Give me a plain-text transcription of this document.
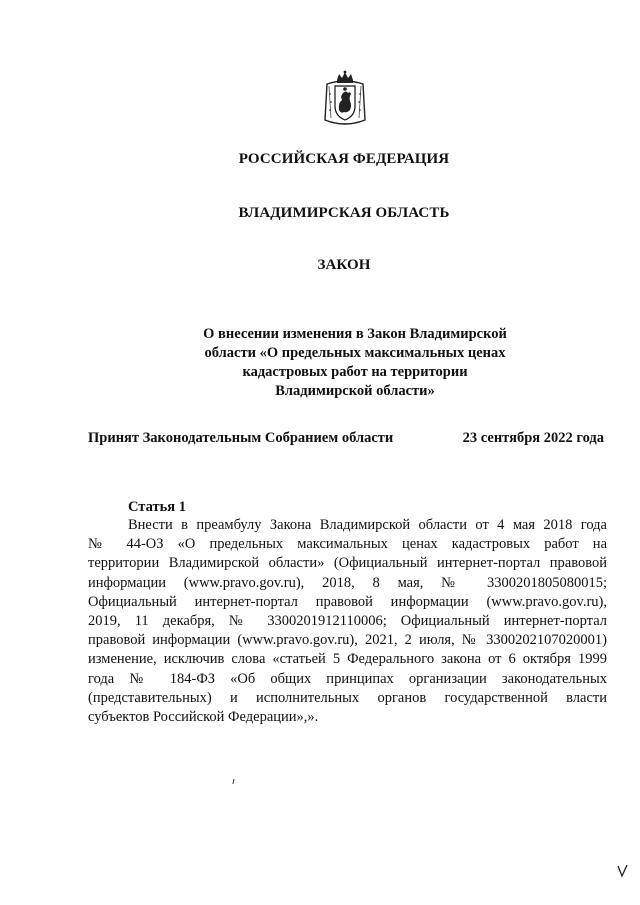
РОССИЙСКАЯ ФЕДЕРАЦИЯ
ВЛАДИМИРСКАЯ ОБЛАСТЬ
ЗАКОН
О внесении изменения в Закон Владимирской
области «О предельных максимальных ценах
кадастровых работ на территории
Владимирской области»
Принят Законодательным Собранием области	23 сентября 2022 года
Статья 1
Внести в преамбулу Закона Владимирской области от 4 мая 2018 года
№ 44-ОЗ «О предельных максимальных ценах кадастровых работ на
территории Владимирской области» (Официальный интернет-портал правовой
информации (www.pravo.gov.ru), 2018, 8 мая, № 3300201805080015;
Официальный интернет-портал правовой информации (www.pravo.gov.ru),
2019, 11 декабря, № 3300201912110006; Официальный интернет-портал
правовой информации (www.pravo.gov.ru), 2021, 2 июля, № 3300202107020001)
изменение, исключив слова «статьей 5 Федерального закона от 6 октября 1999
года № 184-ФЗ «Об общих принципах организации законодательных
(представительных) и исполнительных органов государственной власти
субъектов Российской Федерации»,».
